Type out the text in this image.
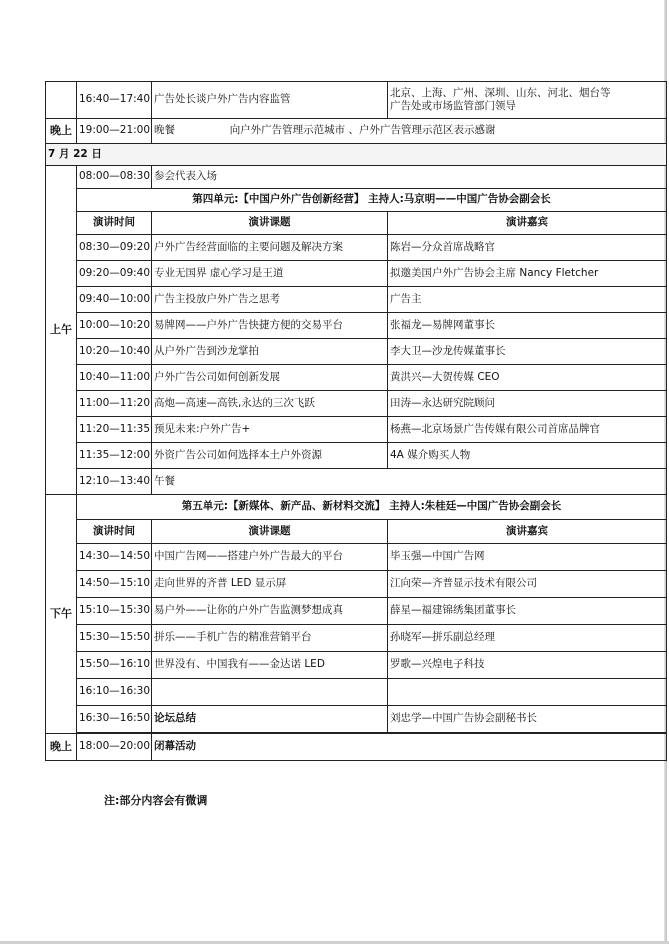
	16:40—17:40	广告处长谈户外广告内容监管	北京、上海、广州、深圳、山东、河北、烟台等
广告处或市场监管部门领导

晚上	19:00—21:00	晚餐 向户外广告管理示范城市 、户外广告管理示范区表示感谢	
7 月 22 日			
上午	08:00—08:30	参会代表入场	
	第四单元:【中国户外广告创新经营】 主持人:马京明——中国广告协会副会长		
	演讲时间	演讲课题	演讲嘉宾
	08:30—09:20	户外广告经营面临的主要问题及解决方案	陈岩—分众首席战略官
	09:20—09:40	专业无国界 虚心学习是王道	拟邀美国户外广告协会主席 Nancy Fletcher
	09:40—10:00	广告主投放户外广告之思考	广告主
	10:00—10:20	易牌网——户外广告快捷方便的交易平台	张福龙—易牌网董事长
	10:20—10:40	从户外广告到沙龙掌拍	李大卫—沙龙传媒董事长
	10:40—11:00	户外广告公司如何创新发展	黄洪兴—大贺传媒 CEO
	11:00—11:20	高炮—高速—高铁,永达的三次飞跃	田涛—永达研究院顾问
	11:20—11:35	预见未来:户外广告+	杨燕—北京场景广告传媒有限公司首席品牌官
	11:35—12:00	外资广告公司如何选择本土户外资源	4A 媒介购买人物
	12:10—13:40	午餐	
下午	第五单元:【新媒体、新产品、新材料交流】 主持人:朱桂廷—中国广告协会副会长		
	演讲时间	演讲课题	演讲嘉宾
	14:30—14:50	中国广告网——搭建户外广告最大的平台	毕玉强—中国广告网
	14:50—15:10	走向世界的齐普 LED 显示屏	江向荣—齐普显示技术有限公司
	15:10—15:30	易户外——让你的户外广告监测梦想成真	薛星—福建锦绣集团董事长
	15:30—15:50	拼乐——手机广告的精准营销平台	孙晓军—拼乐副总经理
	15:50—16:10	世界没有、中国我有——金达诺 LED	罗歌—兴煌电子科技
	16:10—16:30		
	16:30—16:50	论坛总结	刘忠学—中国广告协会副秘书长

晚上	18:00—20:00	闭幕活动	

注:部分内容会有微调
